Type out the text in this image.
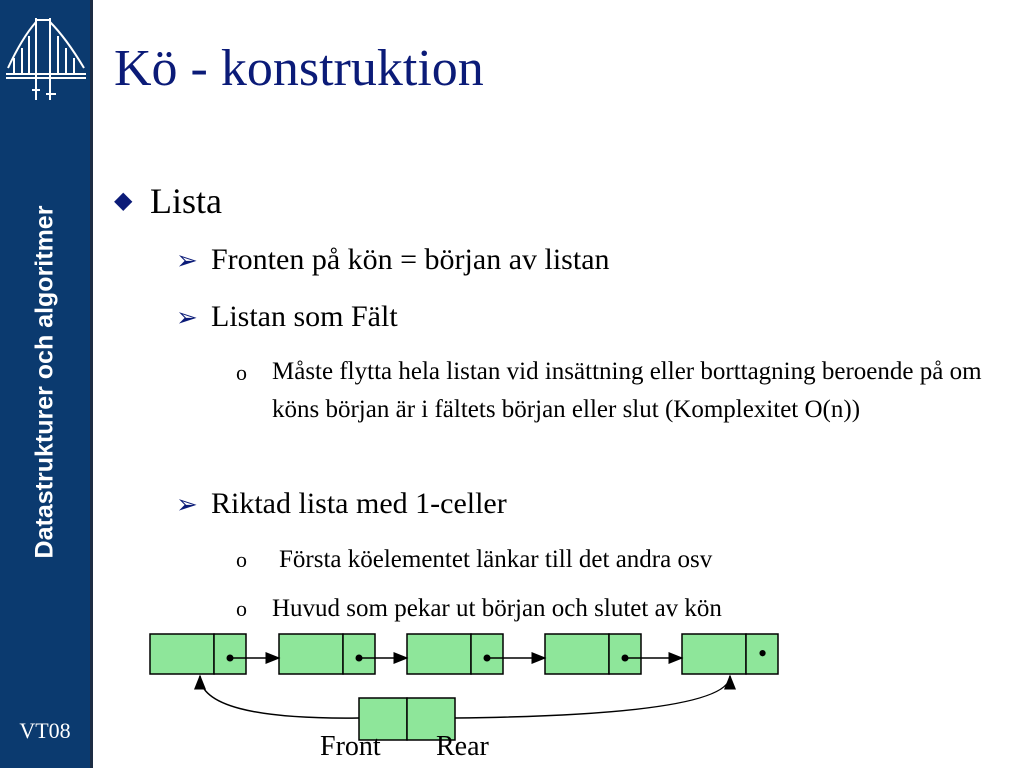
Datastrukturer och algoritmer
VT08
Kö - konstruktion
◆ Lista
➢ Fronten på kön = början av listan
➢ Listan som Fält
o Måste flytta hela listan vid insättning eller borttagning beroende på om köns början är i fältets början eller slut (Komplexitet O(n))
➢ Riktad lista med 1-celler
o Första köelementet länkar till det andra osv
o Huvud som pekar ut början och slutet av kön
•
Front Rear
